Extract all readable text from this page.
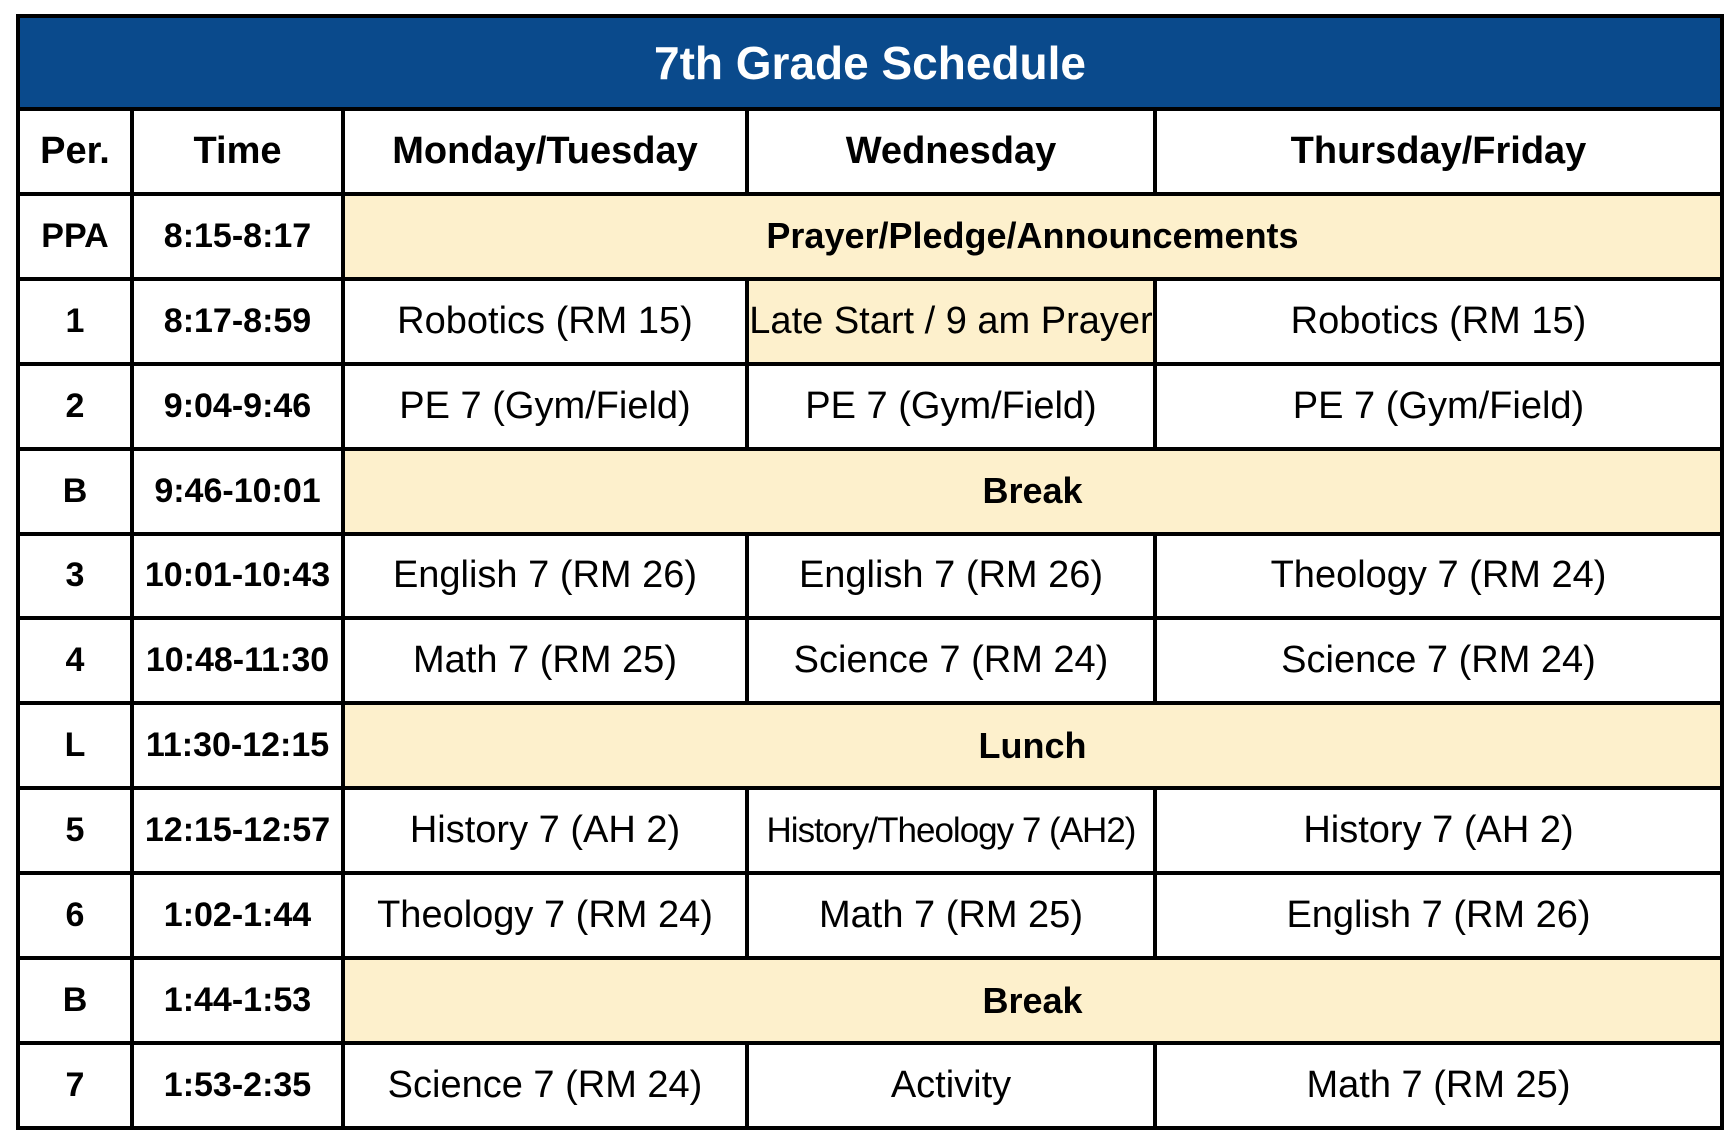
7th Grade Schedule				
Per.	Time	Monday/Tuesday	Wednesday	Thursday/Friday
PPA	8:15-8:17	Prayer/Pledge/Announcements		
1	8:17-8:59	Robotics (RM 15)	Late Start / 9 am Prayer	Robotics (RM 15)
2	9:04-9:46	PE 7 (Gym/Field)	PE 7 (Gym/Field)	PE 7 (Gym/Field)
B	9:46-10:01	Break		
3	10:01-10:43	English 7 (RM 26)	English 7 (RM 26)	Theology 7 (RM 24)
4	10:48-11:30	Math 7 (RM 25)	Science 7 (RM 24)	Science 7 (RM 24)
L	11:30-12:15	Lunch		
5	12:15-12:57	History 7 (AH 2)	History/Theology 7 (AH2)	History 7 (AH 2)
6	1:02-1:44	Theology 7 (RM 24)	Math 7 (RM 25)	English 7 (RM 26)
B	1:44-1:53	Break		
7	1:53-2:35	Science 7 (RM 24)	Activity	Math 7 (RM 25)
